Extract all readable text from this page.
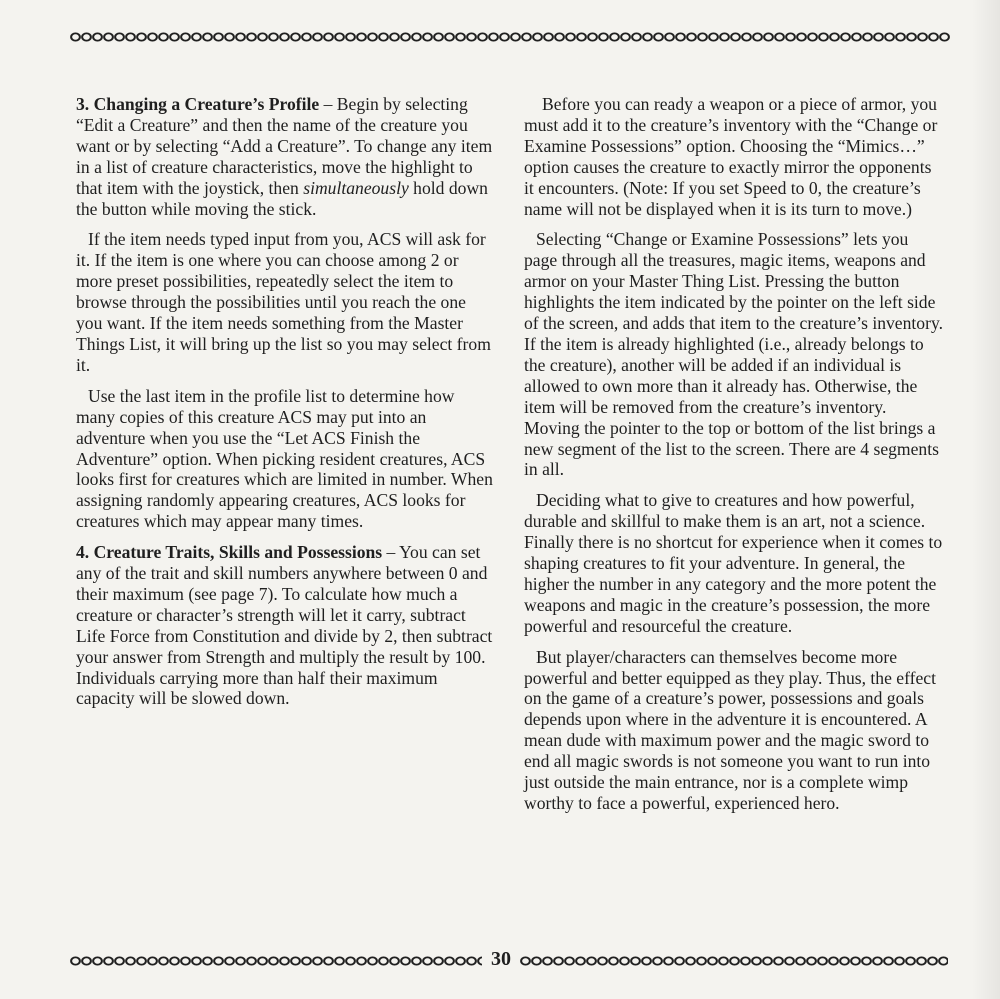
3. Changing a Creature’s Profile – Begin by selecting “Edit a Creature” and then the name of the creature you want or by selecting “Add a Creature”. To change any item in a list of creature characteristics, move the highlight to that item with the joystick, then simultaneously hold down the button while moving the stick.

If the item needs typed input from you, ACS will ask for it. If the item is one where you can choose among 2 or more preset possibilities, repeatedly select the item to browse through the possibilities until you reach the one you want. If the item needs something from the Master Things List, it will bring up the list so you may select from it.

Use the last item in the profile list to determine how many copies of this creature ACS may put into an adventure when you use the “Let ACS Finish the Adventure” option. When picking resident creatures, ACS looks first for creatures which are limited in number. When assigning randomly appearing creatures, ACS looks for creatures which may appear many times.

4. Creature Traits, Skills and Possessions – You can set any of the trait and skill numbers anywhere between 0 and their maximum (see page 7). To calculate how much a creature or character’s strength will let it carry, subtract Life Force from Constitution and divide by 2, then subtract your answer from Strength and multiply the result by 100. Individuals carrying more than half their maximum capacity will be slowed down.

Before you can ready a weapon or a piece of armor, you must add it to the creature’s inventory with the “Change or Examine Possessions” option. Choosing the “Mimics…” option causes the creature to exactly mirror the opponents it encounters. (Note: If you set Speed to 0, the creature’s name will not be displayed when it is its turn to move.)

Selecting “Change or Examine Possessions” lets you page through all the treasures, magic items, weapons and armor on your Master Thing List. Pressing the button highlights the item indicated by the pointer on the left side of the screen, and adds that item to the creature’s inventory. If the item is already highlighted (i.e., already belongs to the creature), another will be added if an individual is allowed to own more than it already has. Otherwise, the item will be removed from the creature’s inventory. Moving the pointer to the top or bottom of the list brings a new segment of the list to the screen. There are 4 segments in all.

Deciding what to give to creatures and how powerful, durable and skillful to make them is an art, not a science. Finally there is no shortcut for experience when it comes to shaping creatures to fit your adventure. In general, the higher the number in any category and the more potent the weapons and magic in the creature’s possession, the more powerful and resourceful the creature.

But player/characters can themselves become more powerful and better equipped as they play. Thus, the effect on the game of a creature’s power, possessions and goals depends upon where in the adventure it is encountered. A mean dude with maximum power and the magic sword to end all magic swords is not someone you want to run into just outside the main entrance, nor is a complete wimp worthy to face a powerful, experienced hero.

30
